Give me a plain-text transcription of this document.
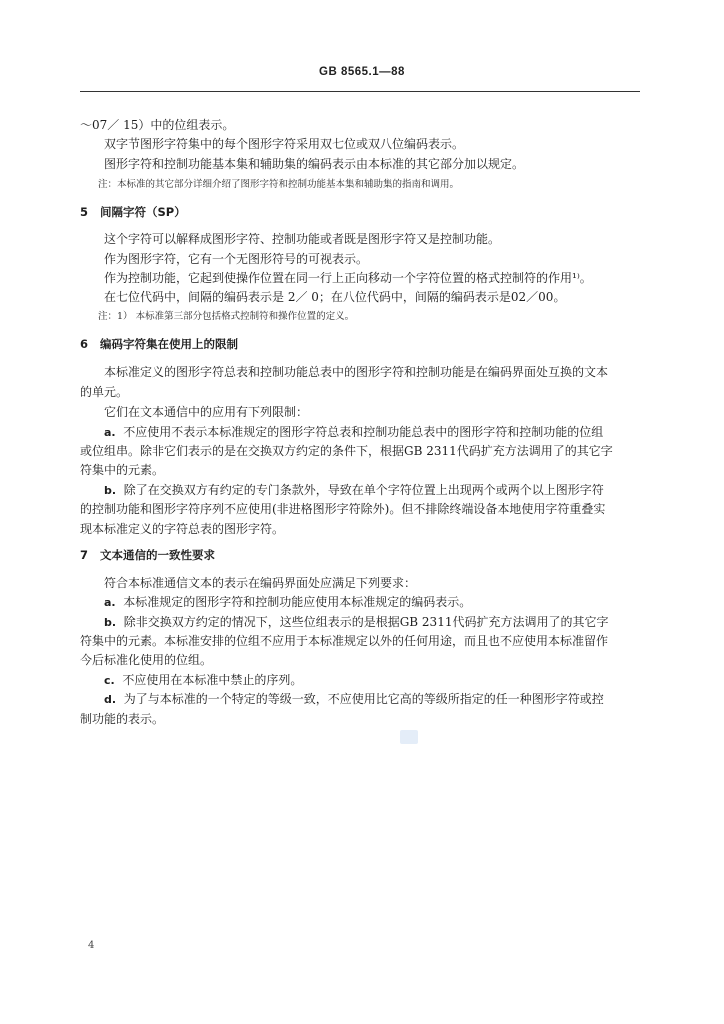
GB 8565.1—88
～07／ 15）中的位组表示。
双字节图形字符集中的每个图形字符采用双七位或双八位编码表示。
图形字符和控制功能基本集和辅助集的编码表示由本标准的其它部分加以规定。
注：本标准的其它部分详细介绍了图形字符和控制功能基本集和辅助集的指南和调用。
5 间隔字符（SP）
这个字符可以解释成图形字符、控制功能或者既是图形字符又是控制功能。
作为图形字符，它有一个无图形符号的可视表示。
作为控制功能，它起到使操作位置在同一行上正向移动一个字符位置的格式控制符的作用¹⁾。
在七位代码中，间隔的编码表示是 2／ 0；在八位代码中，间隔的编码表示是02／00。
注：1） 本标准第三部分包括格式控制符和操作位置的定义。
6 编码字符集在使用上的限制
本标准定义的图形字符总表和控制功能总表中的图形字符和控制功能是在编码界面处互换的文本
的单元。
它们在文本通信中的应用有下列限制：
a. 不应使用不表示本标准规定的图形字符总表和控制功能总表中的图形字符和控制功能的位组
或位组串。除非它们表示的是在交换双方约定的条件下，根据GB 2311代码扩充方法调用了的其它字
符集中的元素。
b. 除了在交换双方有约定的专门条款外，导致在单个字符位置上出现两个或两个以上图形字符
的控制功能和图形字符序列不应使用(非进格图形字符除外)。但不排除终端设备本地使用字符重叠实
现本标准定义的字符总表的图形字符。
7 文本通信的一致性要求
符合本标准通信文本的表示在编码界面处应满足下列要求：
a. 本标准规定的图形字符和控制功能应使用本标准规定的编码表示。
b. 除非交换双方约定的情况下，这些位组表示的是根据GB 2311代码扩充方法调用了的其它字
符集中的元素。本标准安排的位组不应用于本标准规定以外的任何用途，而且也不应使用本标准留作
今后标准化使用的位组。
c. 不应使用在本标准中禁止的序列。
d. 为了与本标准的一个特定的等级一致，不应使用比它高的等级所指定的任一种图形字符或控
制功能的表示。
4
